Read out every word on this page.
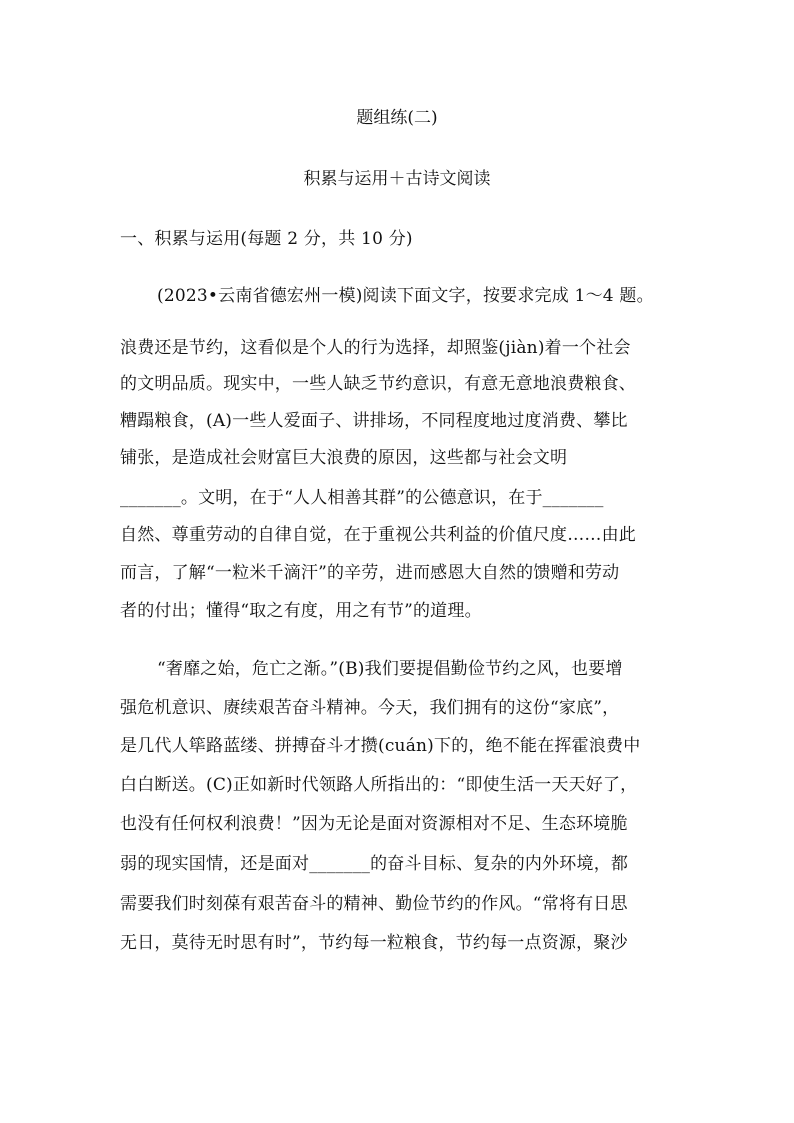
题组练(二)
积累与运用＋古诗文阅读
一、积累与运用(每题 2 分，共 10 分)
(2023•云南省德宏州一模)阅读下面文字，按要求完成 1～4 题。
浪费还是节约，这看似是个人的行为选择，却照鉴(jiàn)着一个社会
的文明品质。现实中，一些人缺乏节约意识，有意无意地浪费粮食、
糟蹋粮食，(A)一些人爱面子、讲排场，不同程度地过度消费、攀比
铺张，是造成社会财富巨大浪费的原因，这些都与社会文明
_______。文明，在于“人人相善其群”的公德意识，在于_______
自然、尊重劳动的自律自觉，在于重视公共利益的价值尺度……由此
而言，了解“一粒米千滴汗”的辛劳，进而感恩大自然的馈赠和劳动
者的付出；懂得“取之有度，用之有节”的道理。
“奢靡之始，危亡之渐。”(B)我们要提倡勤俭节约之风，也要增
强危机意识、赓续艰苦奋斗精神。今天，我们拥有的这份“家底”，
是几代人筚路蓝缕、拼搏奋斗才攒(cuán)下的，绝不能在挥霍浪费中
白白断送。(C)正如新时代领路人所指出的：“即使生活一天天好了，
也没有任何权利浪费！”因为无论是面对资源相对不足、生态环境脆
弱的现实国情，还是面对_______的奋斗目标、复杂的内外环境，都
需要我们时刻葆有艰苦奋斗的精神、勤俭节约的作风。“常将有日思
无日，莫待无时思有时”，节约每一粒粮食，节约每一点资源，聚沙
